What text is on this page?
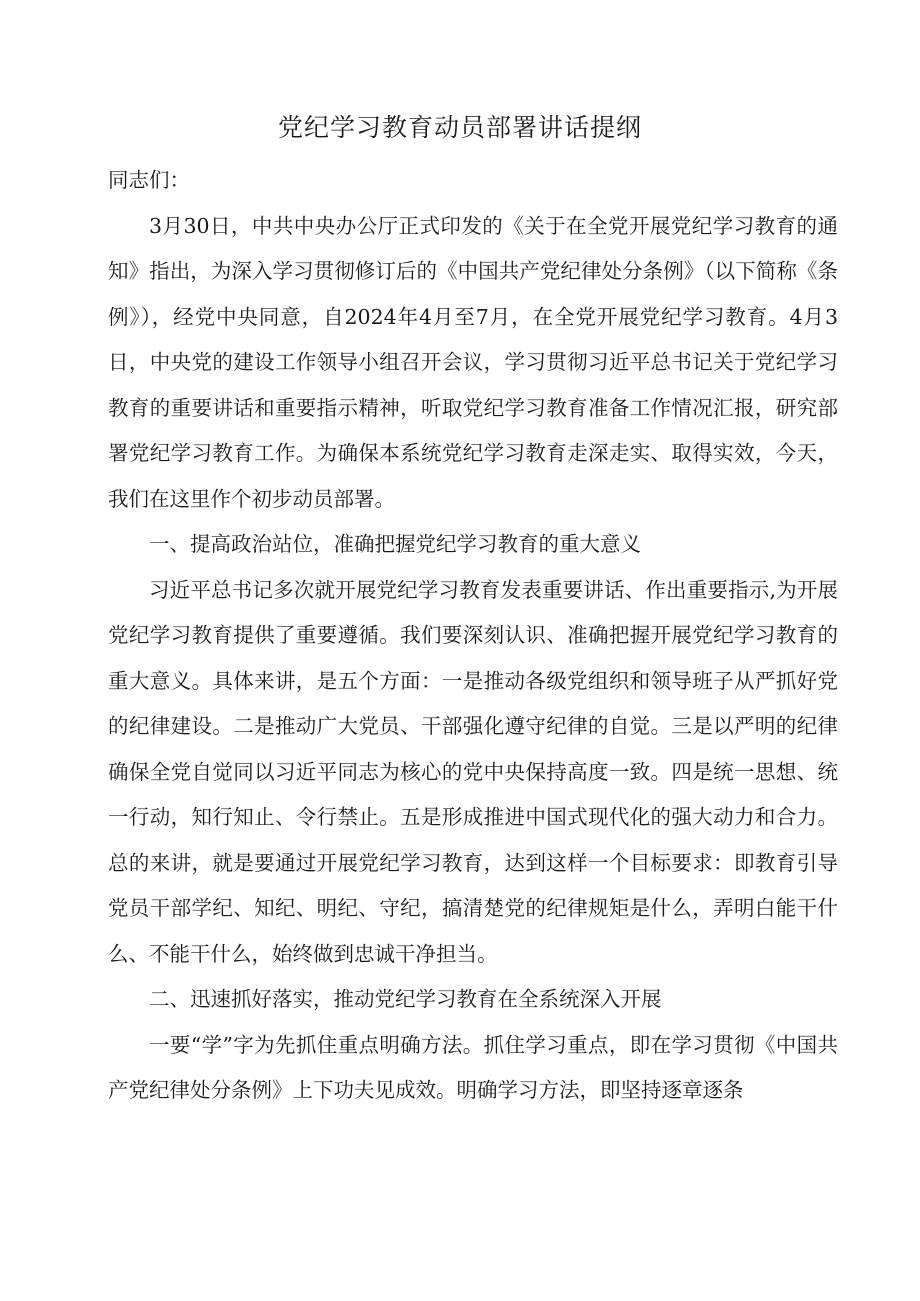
党纪学习教育动员部署讲话提纲

同志们：

3月30日，中共中央办公厅正式印发的《关于在全党开展党纪学习教育的通知》指出，为深入学习贯彻修订后的《中国共产党纪律处分条例》（以下简称《条例》），经党中央同意，自2024年4月至7月，在全党开展党纪学习教育。4月3日，中央党的建设工作领导小组召开会议，学习贯彻习近平总书记关于党纪学习教育的重要讲话和重要指示精神，听取党纪学习教育准备工作情况汇报，研究部署党纪学习教育工作。为确保本系统党纪学习教育走深走实、取得实效，今天，我们在这里作个初步动员部署。

一、提高政治站位，准确把握党纪学习教育的重大意义

习近平总书记多次就开展党纪学习教育发表重要讲话、作出重要指示,为开展党纪学习教育提供了重要遵循。我们要深刻认识、准确把握开展党纪学习教育的重大意义。具体来讲，是五个方面：一是推动各级党组织和领导班子从严抓好党的纪律建设。二是推动广大党员、干部强化遵守纪律的自觉。三是以严明的纪律确保全党自觉同以习近平同志为核心的党中央保持高度一致。四是统一思想、统一行动，知行知止、令行禁止。五是形成推进中国式现代化的强大动力和合力。总的来讲，就是要通过开展党纪学习教育，达到这样一个目标要求：即教育引导党员干部学纪、知纪、明纪、守纪，搞清楚党的纪律规矩是什么，弄明白能干什么、不能干什么，始终做到忠诚干净担当。

二、迅速抓好落实，推动党纪学习教育在全系统深入开展

一要“学”字为先抓住重点明确方法。抓住学习重点，即在学习贯彻《中国共产党纪律处分条例》上下功夫见成效。明确学习方法，即坚持逐章逐条
